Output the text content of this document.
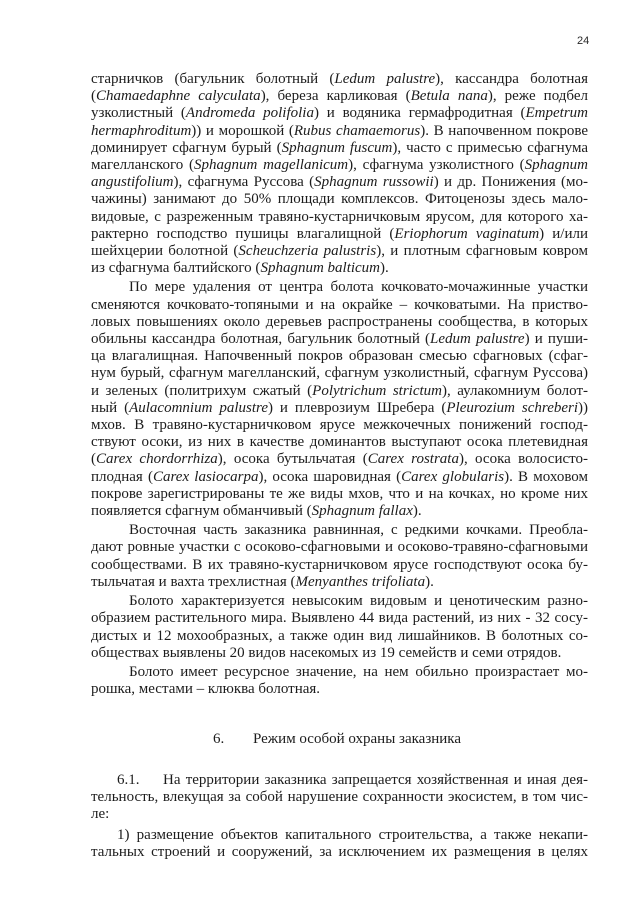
24
старничков (багульник болотный (Ledum palustre), кассандра болотная
(Chamaedaphne calyculata), береза карликовая (Betula nana), реже подбел
узколистный (Andromeda polifolia) и водяника гермафродитная (Empetrum
hermaphroditum)) и морошкой (Rubus chamaemorus). В напочвенном покрове
доминирует сфагнум бурый (Sphagnum fuscum), часто с примесью сфагнума
магелланского (Sphagnum magellanicum), сфагнума узколистного (Sphagnum
angustifolium), сфагнума Руссова (Sphagnum russowii) и др. Понижения (мо-
чажины) занимают до 50% площади комплексов. Фитоценозы здесь мало-
видовые, с разреженным травяно-кустарничковым ярусом, для которого ха-
рактерно господство пушицы влагалищной (Eriophorum vaginatum) и/или
шейхцерии болотной (Scheuchzeria palustris), и плотным сфагновым ковром
из сфагнума балтийского (Sphagnum balticum).
По мере удаления от центра болота кочковато-мочажинные участки
сменяются кочковато-топяными и на окрайке – кочковатыми. На приство-
ловых повышениях около деревьев распространены сообщества, в которых
обильны кассандра болотная, багульник болотный (Ledum palustre) и пуши-
ца влагалищная. Напочвенный покров образован смесью сфагновых (сфаг-
нум бурый, сфагнум магелланский, сфагнум узколистный, сфагнум Руссова)
и зеленых (политрихум сжатый (Polytrichum strictum), аулакомниум болот-
ный (Aulacomnium palustre) и плеврозиум Шребера (Pleurozium schreberi))
мхов. В травяно-кустарничковом ярусе межкочечных понижений господ-
ствуют осоки, из них в качестве доминантов выступают осока плетевидная
(Carex chordorrhiza), осока бутыльчатая (Carex rostrata), осока волосисто-
плодная (Carex lasiocarpa), осока шаровидная (Carex globularis). В моховом
покрове зарегистрированы те же виды мхов, что и на кочках, но кроме них
появляется сфагнум обманчивый (Sphagnum fallax).
Восточная часть заказника равнинная, с редкими кочками. Преобла-
дают ровные участки с осоково-сфагновыми и осоково-травяно-сфагновыми
сообществами. В их травяно-кустарничковом ярусе господствуют осока бу-
тыльчатая и вахта трехлистная (Menyanthes trifoliata).
Болото характеризуется невысоким видовым и ценотическим разно-
образием растительного мира. Выявлено 44 вида растений, из них - 32 сосу-
дистых и 12 мохообразных, а также один вид лишайников. В болотных со-
обществах выявлены 20 видов насекомых из 19 семейств и семи отрядов.
Болото имеет ресурсное значение, на нем обильно произрастает мо-
рошка, местами – клюква болотная.
6.	Режим особой охраны заказника
6.1.	На территории заказника запрещается хозяйственная и иная дея-
тельность, влекущая за собой нарушение сохранности экосистем, в том чис-
ле:
1) размещение объектов капитального строительства, а также некапи-
тальных строений и сооружений, за исключением их размещения в целях
